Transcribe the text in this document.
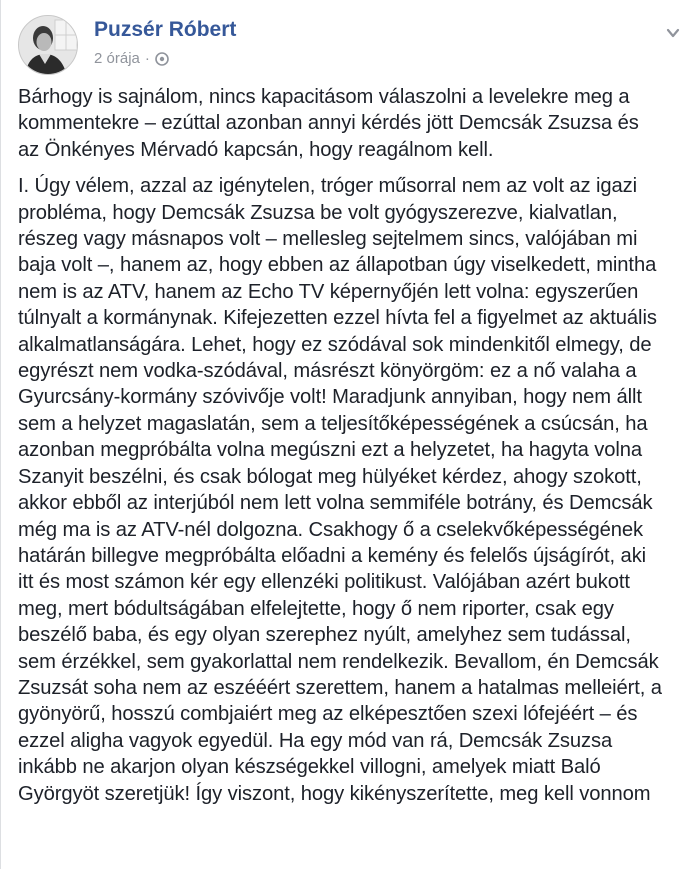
Puzsér Róbert
2 órája ·

Bárhogy is sajnálom, nincs kapacitásom válaszolni a levelekre meg a
kommentekre – ezúttal azonban annyi kérdés jött Demcsák Zsuzsa és
az Önkényes Mérvadó kapcsán, hogy reagálnom kell.

I. Úgy vélem, azzal az igénytelen, tróger műsorral nem az volt az igazi
probléma, hogy Demcsák Zsuzsa be volt gyógyszerezve, kialvatlan,
részeg vagy másnapos volt – mellesleg sejtelmem sincs, valójában mi
baja volt –, hanem az, hogy ebben az állapotban úgy viselkedett, mintha
nem is az ATV, hanem az Echo TV képernyőjén lett volna: egyszerűen
túlnyalt a kormánynak. Kifejezetten ezzel hívta fel a figyelmet az aktuális
alkalmatlanságára. Lehet, hogy ez szódával sok mindenkitől elmegy, de
egyrészt nem vodka-szódával, másrészt könyörgöm: ez a nő valaha a
Gyurcsány-kormány szóvivője volt! Maradjunk annyiban, hogy nem állt
sem a helyzet magaslatán, sem a teljesítőképességének a csúcsán, ha
azonban megpróbálta volna megúszni ezt a helyzetet, ha hagyta volna
Szanyit beszélni, és csak bólogat meg hülyéket kérdez, ahogy szokott,
akkor ebből az interjúból nem lett volna semmiféle botrány, és Demcsák
még ma is az ATV-nél dolgozna. Csakhogy ő a cselekvőképességének
határán billegve megpróbálta előadni a kemény és felelős újságírót, aki
itt és most számon kér egy ellenzéki politikust. Valójában azért bukott
meg, mert bódultságában elfelejtette, hogy ő nem riporter, csak egy
beszélő baba, és egy olyan szerephez nyúlt, amelyhez sem tudással,
sem érzékkel, sem gyakorlattal nem rendelkezik. Bevallom, én Demcsák
Zsuzsát soha nem az eszééért szerettem, hanem a hatalmas melleiért, a
gyönyörű, hosszú combjaiért meg az elképesztően szexi lófejéért – és
ezzel aligha vagyok egyedül. Ha egy mód van rá, Demcsák Zsuzsa
inkább ne akarjon olyan készségekkel villogni, amelyek miatt Baló
Györgyöt szeretjük! Így viszont, hogy kikényszerítette, meg kell vonnom
